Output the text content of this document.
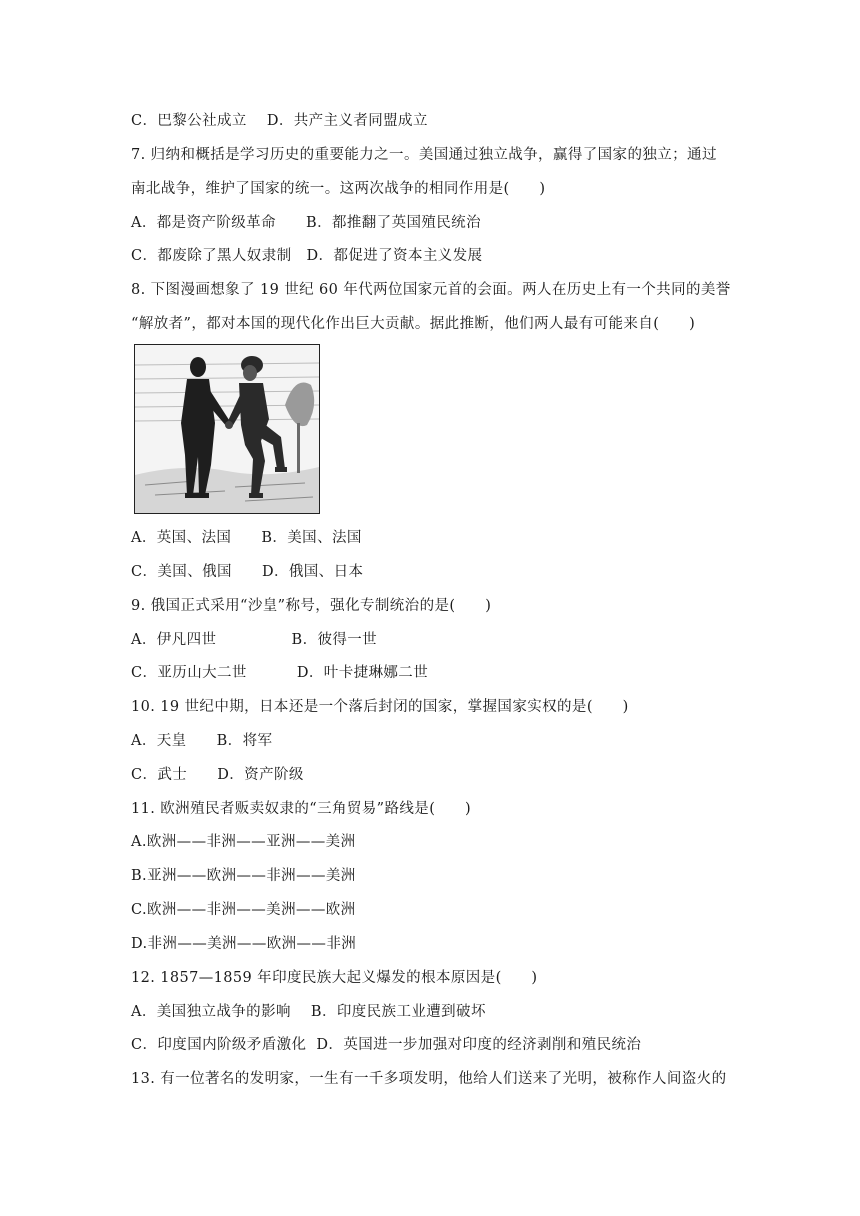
C．巴黎公社成立    D．共产主义者同盟成立
7. 归纳和概括是学习历史的重要能力之一。美国通过独立战争，赢得了国家的独立；通过
南北战争，维护了国家的统一。这两次战争的相同作用是(　　)
A．都是资产阶级革命      B．都推翻了英国殖民统治
C．都废除了黑人奴隶制   D．都促进了资本主义发展
8. 下图漫画想象了 19 世纪 60 年代两位国家元首的会面。两人在历史上有一个共同的美誉
“解放者”，都对本国的现代化作出巨大贡献。据此推断，他们两人最有可能来自(　　)
A．英国、法国      B．美国、法国
C．美国、俄国      D．俄国、日本
9. 俄国正式采用“沙皇”称号，强化专制统治的是(　　)
A．伊凡四世               B．彼得一世
C．亚历山大二世          D．叶卡捷琳娜二世
10. 19 世纪中期，日本还是一个落后封闭的国家，掌握国家实权的是(　　)
A．天皇      B．将军
C．武士      D．资产阶级
11. 欧洲殖民者贩卖奴隶的“三角贸易”路线是(　　)
A.欧洲——非洲——亚洲——美洲
B.亚洲——欧洲——非洲——美洲
C.欧洲——非洲——美洲——欧洲
D.非洲——美洲——欧洲——非洲
12. 1857—1859 年印度民族大起义爆发的根本原因是(　　)
A．美国独立战争的影响    B．印度民族工业遭到破坏
C．印度国内阶级矛盾激化  D．英国进一步加强对印度的经济剥削和殖民统治
13. 有一位著名的发明家，一生有一千多项发明，他给人们送来了光明，被称作人间盗火的
